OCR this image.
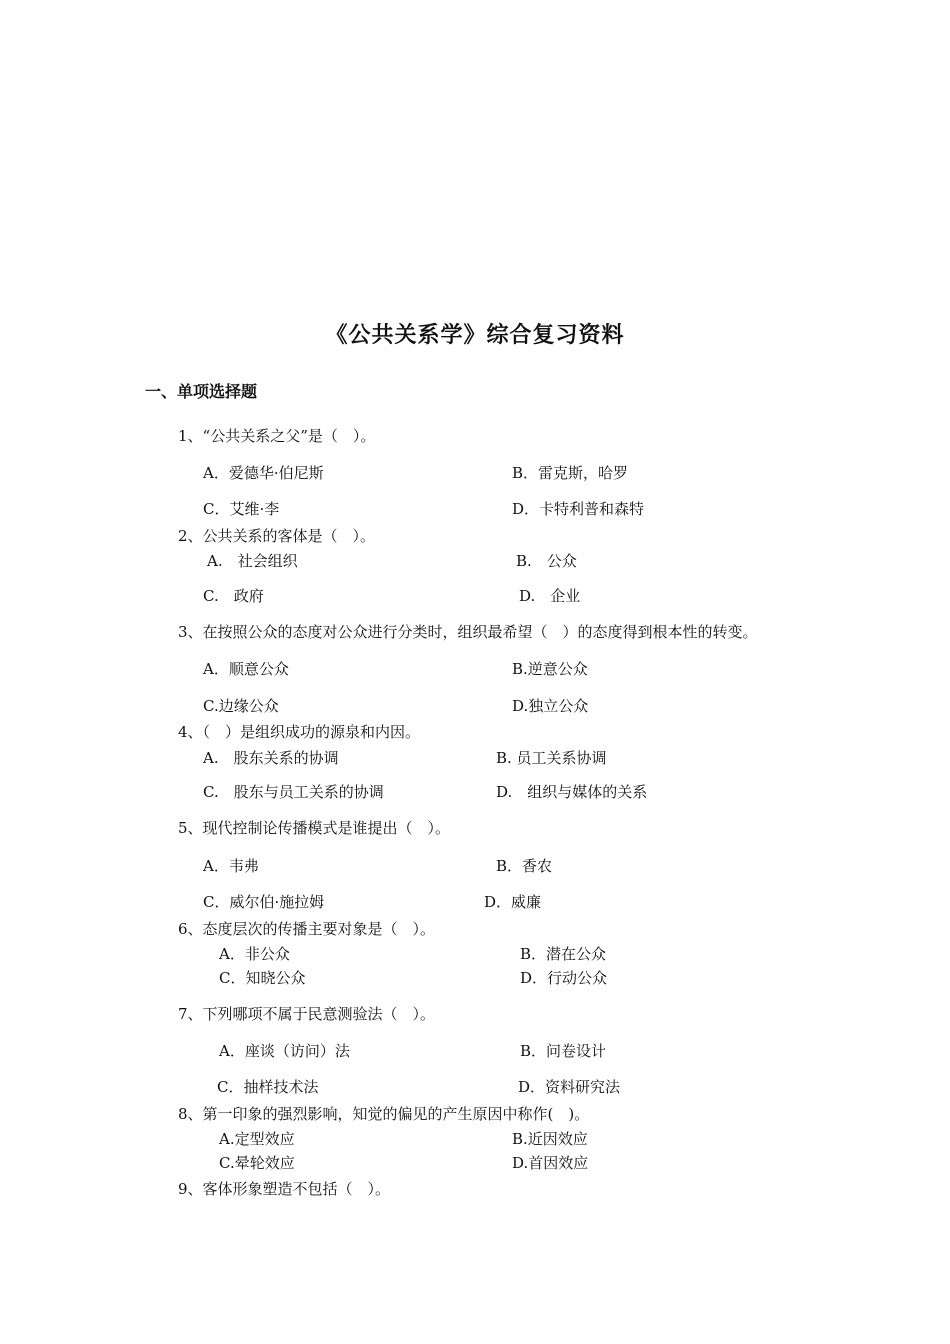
《公共关系学》综合复习资料
一、单项选择题
1、“公共关系之父”是（　）。
A．爱德华·伯尼斯	B．雷克斯，哈罗
C．艾维·李	D．卡特利普和森特
2、公共关系的客体是（　）。
A.　社会组织	B.　公众
C.　政府	D.　企业
3、在按照公众的态度对公众进行分类时，组织最希望（　）的态度得到根本性的转变。
A．顺意公众	B.逆意公众
C.边缘公众	D.独立公众
4、（　）是组织成功的源泉和内因。
A.　股东关系的协调	B. 员工关系协调
C.　股东与员工关系的协调	D.　组织与媒体的关系
5、现代控制论传播模式是谁提出（　）。
A．韦弗	B．香农
C．威尔伯·施拉姆	D．威廉
6、态度层次的传播主要对象是（　）。
A．非公众	B．潜在公众
C．知晓公众	D．行动公众
7、下列哪项不属于民意测验法（　）。
A．座谈（访问）法	B．问卷设计
C．抽样技术法	D．资料研究法
8、第一印象的强烈影响，知觉的偏见的产生原因中称作(　)。
A.定型效应	B.近因效应
C.晕轮效应	D.首因效应
9、客体形象塑造不包括（　）。
